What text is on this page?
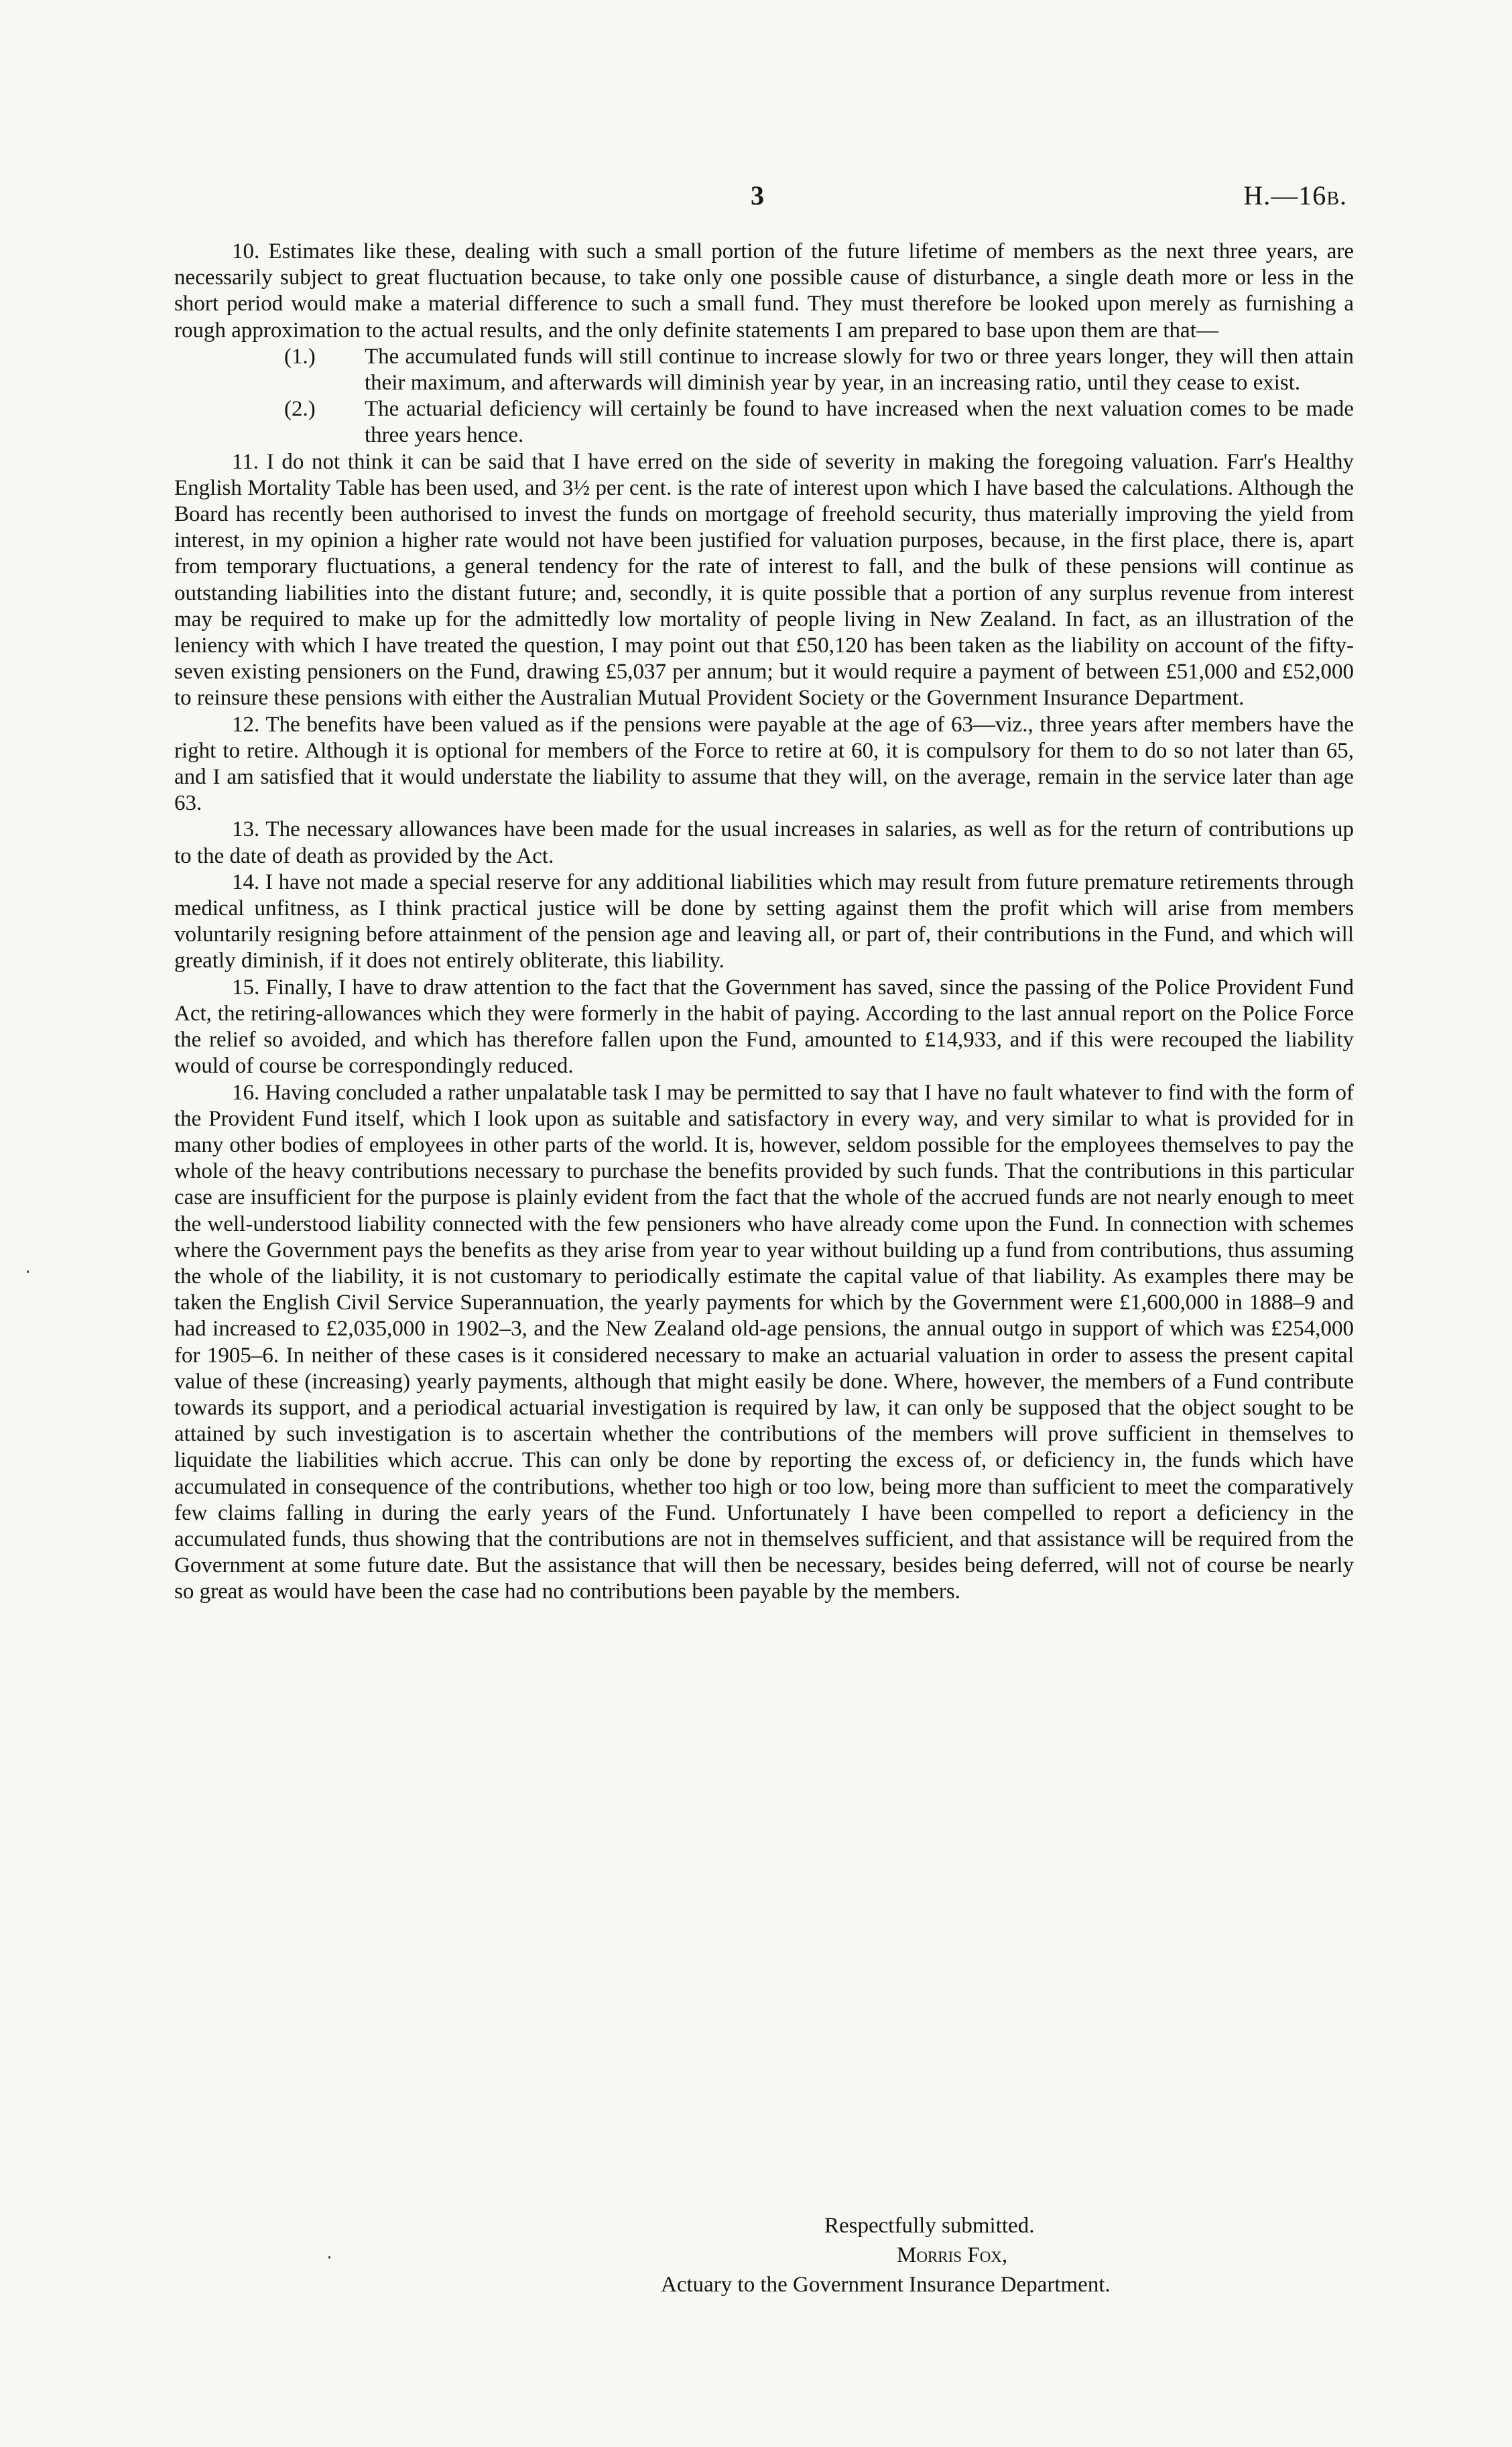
3	H.—16b.

10. Estimates like these, dealing with such a small portion of the future lifetime of members as the next three years, are necessarily subject to great fluctuation because, to take only one possible cause of disturbance, a single death more or less in the short period would make a material difference to such a small fund. They must therefore be looked upon merely as furnishing a rough approximation to the actual results, and the only definite statements I am prepared to base upon them are that—

(1.) The accumulated funds will still continue to increase slowly for two or three years longer, they will then attain their maximum, and afterwards will diminish year by year, in an increasing ratio, until they cease to exist.

(2.) The actuarial deficiency will certainly be found to have increased when the next valuation comes to be made three years hence.

11. I do not think it can be said that I have erred on the side of severity in making the foregoing valuation. Farr's Healthy English Mortality Table has been used, and 3½ per cent. is the rate of interest upon which I have based the calculations. Although the Board has recently been authorised to invest the funds on mortgage of freehold security, thus materially improving the yield from interest, in my opinion a higher rate would not have been justified for valuation purposes, because, in the first place, there is, apart from temporary fluctuations, a general tendency for the rate of interest to fall, and the bulk of these pensions will continue as outstanding liabilities into the distant future; and, secondly, it is quite possible that a portion of any surplus revenue from interest may be required to make up for the admittedly low mortality of people living in New Zealand. In fact, as an illustration of the leniency with which I have treated the question, I may point out that £50,120 has been taken as the liability on account of the fifty-seven existing pensioners on the Fund, drawing £5,037 per annum; but it would require a payment of between £51,000 and £52,000 to reinsure these pensions with either the Australian Mutual Provident Society or the Government Insurance Department.

12. The benefits have been valued as if the pensions were payable at the age of 63—viz., three years after members have the right to retire. Although it is optional for members of the Force to retire at 60, it is compulsory for them to do so not later than 65, and I am satisfied that it would understate the liability to assume that they will, on the average, remain in the service later than age 63.

13. The necessary allowances have been made for the usual increases in salaries, as well as for the return of contributions up to the date of death as provided by the Act.

14. I have not made a special reserve for any additional liabilities which may result from future premature retirements through medical unfitness, as I think practical justice will be done by setting against them the profit which will arise from members voluntarily resigning before attainment of the pension age and leaving all, or part of, their contributions in the Fund, and which will greatly diminish, if it does not entirely obliterate, this liability.

15. Finally, I have to draw attention to the fact that the Government has saved, since the passing of the Police Provident Fund Act, the retiring-allowances which they were formerly in the habit of paying. According to the last annual report on the Police Force the relief so avoided, and which has therefore fallen upon the Fund, amounted to £14,933, and if this were recouped the liability would of course be correspondingly reduced.

16. Having concluded a rather unpalatable task I may be permitted to say that I have no fault whatever to find with the form of the Provident Fund itself, which I look upon as suitable and satisfactory in every way, and very similar to what is provided for in many other bodies of employees in other parts of the world. It is, however, seldom possible for the employees themselves to pay the whole of the heavy contributions necessary to purchase the benefits provided by such funds. That the contributions in this particular case are insufficient for the purpose is plainly evident from the fact that the whole of the accrued funds are not nearly enough to meet the well-understood liability connected with the few pensioners who have already come upon the Fund. In connection with schemes where the Government pays the benefits as they arise from year to year without building up a fund from contributions, thus assuming the whole of the liability, it is not customary to periodically estimate the capital value of that liability. As examples there may be taken the English Civil Service Superannuation, the yearly payments for which by the Government were £1,600,000 in 1888–9 and had increased to £2,035,000 in 1902–3, and the New Zealand old-age pensions, the annual outgo in support of which was £254,000 for 1905–6. In neither of these cases is it considered necessary to make an actuarial valuation in order to assess the present capital value of these (increasing) yearly payments, although that might easily be done. Where, however, the members of a Fund contribute towards its support, and a periodical actuarial investigation is required by law, it can only be supposed that the object sought to be attained by such investigation is to ascertain whether the contributions of the members will prove sufficient in themselves to liquidate the liabilities which accrue. This can only be done by reporting the excess of, or deficiency in, the funds which have accumulated in consequence of the contributions, whether too high or too low, being more than sufficient to meet the comparatively few claims falling in during the early years of the Fund. Unfortunately I have been compelled to report a deficiency in the accumulated funds, thus showing that the contributions are not in themselves sufficient, and that assistance will be required from the Government at some future date. But the assistance that will then be necessary, besides being deferred, will not of course be nearly so great as would have been the case had no contributions been payable by the members.

Respectfully submitted.
Morris Fox,
Actuary to the Government Insurance Department.
